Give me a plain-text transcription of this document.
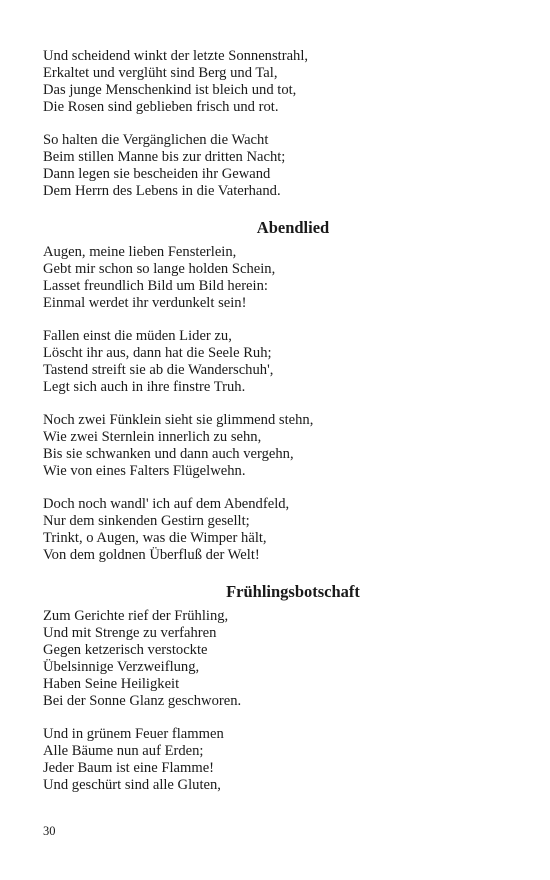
Und scheidend winkt der letzte Sonnenstrahl,
Erkaltet und verglüht sind Berg und Tal,
Das junge Menschenkind ist bleich und tot,
Die Rosen sind geblieben frisch und rot.
So halten die Vergänglichen die Wacht
Beim stillen Manne bis zur dritten Nacht;
Dann legen sie bescheiden ihr Gewand
Dem Herrn des Lebens in die Vaterhand.
Abendlied
Augen, meine lieben Fensterlein,
Gebt mir schon so lange holden Schein,
Lasset freundlich Bild um Bild herein:
Einmal werdet ihr verdunkelt sein!
Fallen einst die müden Lider zu,
Löscht ihr aus, dann hat die Seele Ruh;
Tastend streift sie ab die Wanderschuh',
Legt sich auch in ihre finstre Truh.
Noch zwei Fünklein sieht sie glimmend stehn,
Wie zwei Sternlein innerlich zu sehn,
Bis sie schwanken und dann auch vergehn,
Wie von eines Falters Flügelwehn.
Doch noch wandl' ich auf dem Abendfeld,
Nur dem sinkenden Gestirn gesellt;
Trinkt, o Augen, was die Wimper hält,
Von dem goldnen Überfluß der Welt!
Frühlingsbotschaft
Zum Gerichte rief der Frühling,
Und mit Strenge zu verfahren
Gegen ketzerisch verstockte
Übelsinnige Verzweiflung,
Haben Seine Heiligkeit
Bei der Sonne Glanz geschworen.
Und in grünem Feuer flammen
Alle Bäume nun auf Erden;
Jeder Baum ist eine Flamme!
Und geschürt sind alle Gluten,
30
